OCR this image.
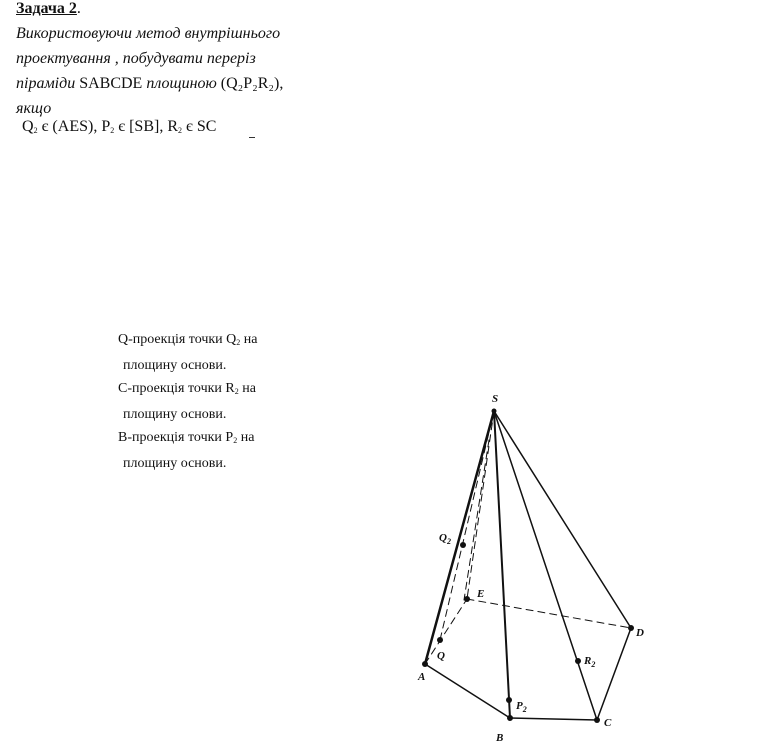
Задача 2.
Використовуючи метод внутрішнього
проектування , побудувати переріз
піраміди SABCDE площиною (Q₂P₂R₂),
якщо
$Q_2$ є (AES), $P_2$ є [SB], $R_2$ є SC
Q-проекція точки $Q_2$ на
площину основи.
C-проекція точки $R_2$ на
площину основи.
B-проекція точки $P_2$ на
площину основи.
S
A
B
C
D
E
Q
$Q_2$
$P_2$
$R_2$
